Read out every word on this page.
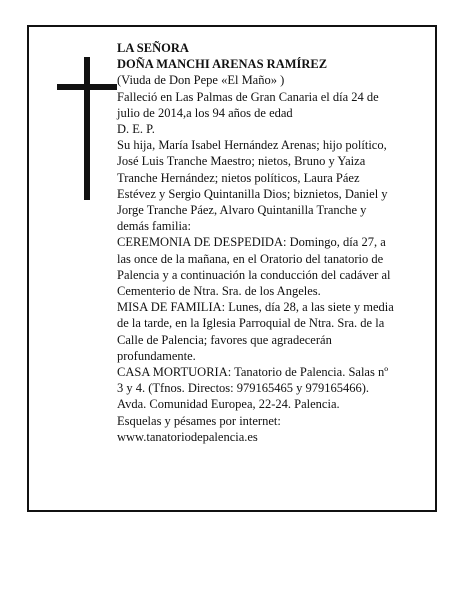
LA SEÑORA
DOÑA MANCHI ARENAS RAMÍREZ
(Viuda de Don Pepe «El Maño» )
Falleció en Las Palmas de Gran Canaria el día 24 de
julio de 2014,a los 94 años de edad
D. E. P.
Su hija, María Isabel Hernández Arenas; hijo político,
José Luis Tranche Maestro; nietos, Bruno y Yaiza
Tranche Hernández; nietos políticos, Laura Páez
Estévez y Sergio Quintanilla Dios; biznietos, Daniel y
Jorge Tranche Páez, Alvaro Quintanilla Tranche y
demás familia:
CEREMONIA DE DESPEDIDA: Domingo, día 27, a
las once de la mañana, en el Oratorio del tanatorio de
Palencia y a continuación la conducción del cadáver al
Cementerio de Ntra. Sra. de los Angeles.
MISA DE FAMILIA: Lunes, día 28, a las siete y media
de la tarde, en la Iglesia Parroquial de Ntra. Sra. de la
Calle de Palencia; favores que agradecerán
profundamente.
CASA MORTUORIA: Tanatorio de Palencia. Salas nº
3 y 4. (Tfnos. Directos: 979165465 y 979165466).
Avda. Comunidad Europea, 22-24. Palencia.
Esquelas y pésames por internet:
www.tanatoriodepalencia.es
